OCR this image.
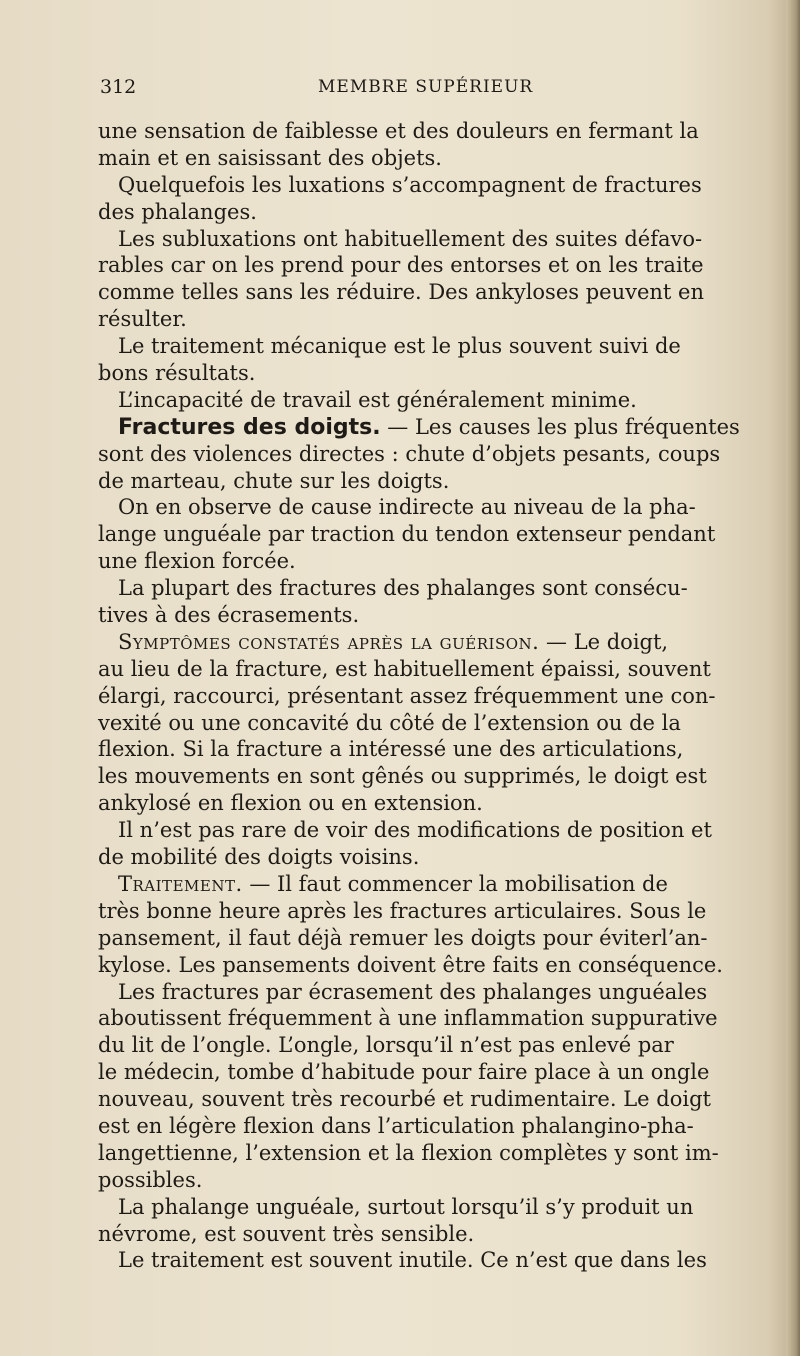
312	MEMBRE SUPÉRIEUR
une sensation de faiblesse et des douleurs en fermant la
main et en saisissant des objets.
Quelquefois les luxations s’accompagnent de fractures
des phalanges.
Les subluxations ont habituellement des suites défavo-
rables car on les prend pour des entorses et on les traite
comme telles sans les réduire. Des ankyloses peuvent en
résulter.
Le traitement mécanique est le plus souvent suivi de
bons résultats.
L’incapacité de travail est généralement minime.
Fractures des doigts. — Les causes les plus fréquentes
sont des violences directes : chute d’objets pesants, coups
de marteau, chute sur les doigts.
On en observe de cause indirecte au niveau de la pha-
lange unguéale par traction du tendon extenseur pendant
une flexion forcée.
La plupart des fractures des phalanges sont consécu-
tives à des écrasements.
Symptômes constatés après la guérison. — Le doigt,
au lieu de la fracture, est habituellement épaissi, souvent
élargi, raccourci, présentant assez fréquemment une con-
vexité ou une concavité du côté de l’extension ou de la
flexion. Si la fracture a intéressé une des articulations,
les mouvements en sont gênés ou supprimés, le doigt est
ankylosé en flexion ou en extension.
Il n’est pas rare de voir des modifications de position et
de mobilité des doigts voisins.
Traitement. — Il faut commencer la mobilisation de
très bonne heure après les fractures articulaires. Sous le
pansement, il faut déjà remuer les doigts pour éviterl’an-
kylose. Les pansements doivent être faits en conséquence.
Les fractures par écrasement des phalanges unguéales
aboutissent fréquemment à une inflammation suppurative
du lit de l’ongle. L’ongle, lorsqu’il n’est pas enlevé par
le médecin, tombe d’habitude pour faire place à un ongle
nouveau, souvent très recourbé et rudimentaire. Le doigt
est en légère flexion dans l’articulation phalangino-pha-
langettienne, l’extension et la flexion complètes y sont im-
possibles.
La phalange unguéale, surtout lorsqu’il s’y produit un
névrome, est souvent très sensible.
Le traitement est souvent inutile. Ce n’est que dans les
